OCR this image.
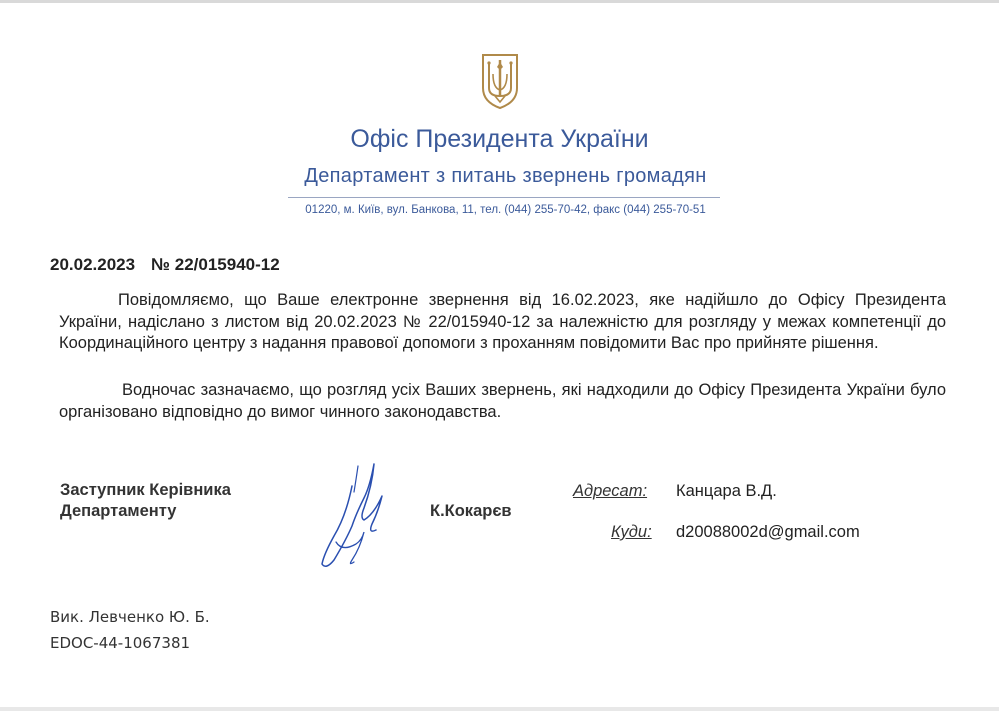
Офіс Президента України
Департамент з питань звернень громадян
01220, м. Київ, вул. Банкова, 11, тел. (044) 255-70-42, факс (044) 255-70-51
20.02.2023 № 22/015940-12
Повідомляємо, що Ваше електронне звернення від 16.02.2023, яке надійшло до Офісу Президента України, надіслано з листом від 20.02.2023 № 22/015940-12 за належністю для розгляду у межах компетенції до Координаційного центру з надання правової допомоги з проханням повідомити Вас про прийняте рішення.
Водночас зазначаємо, що розгляд усіх Ваших звернень, які надходили до Офісу Президента України було організовано відповідно до вимог чинного законодавства.
Заступник Керівника
Департаменту	К.Кокарєв
Адресат: Канцара В.Д.
Куди: d20088002d@gmail.com
Вик. Левченко Ю. Б.
EDOC-44-1067381
